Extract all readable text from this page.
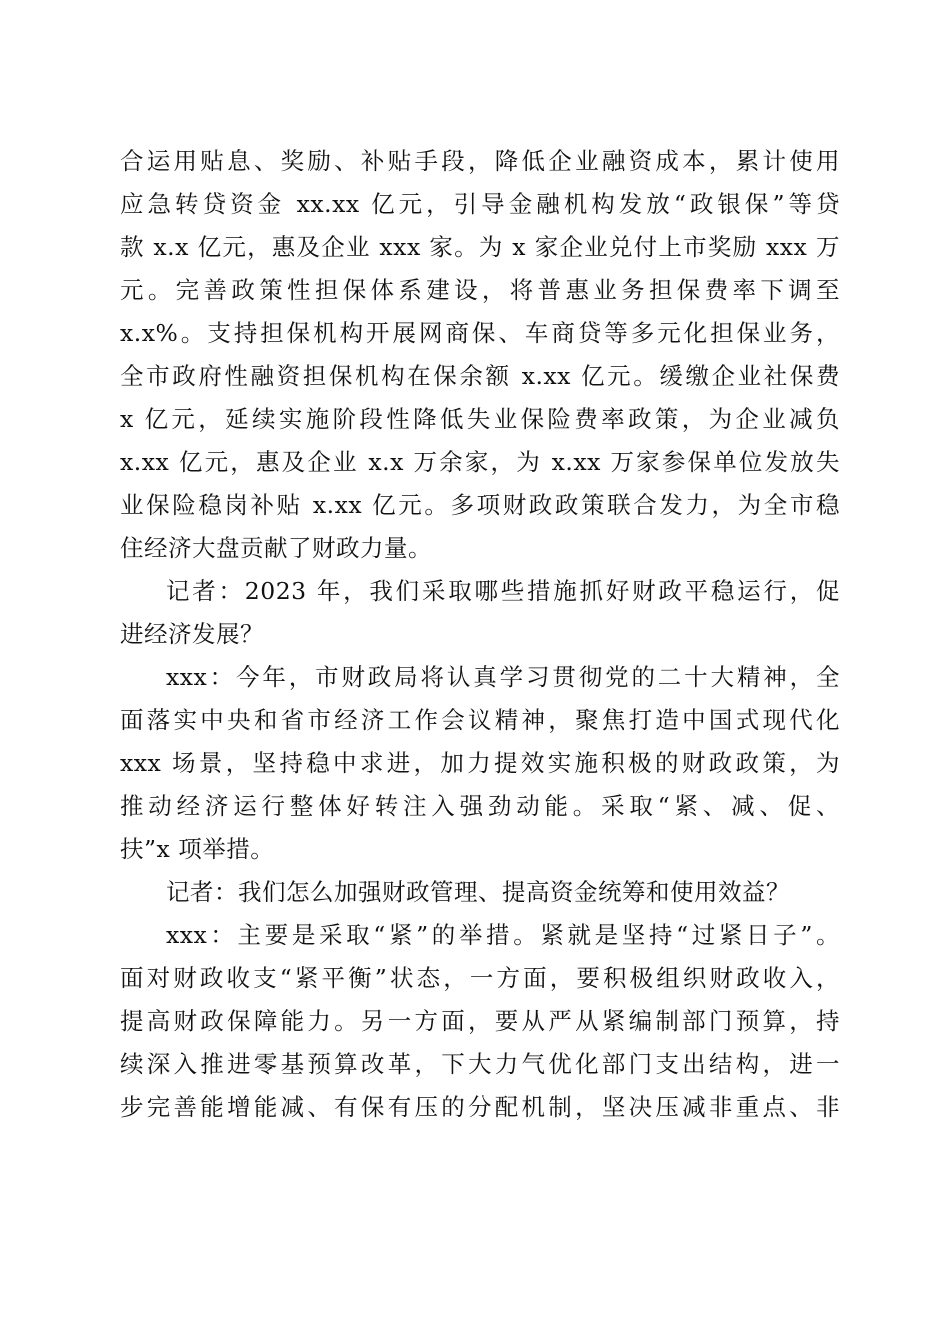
合运用贴息、奖励、补贴手段，降低企业融资成本，累计使用
应急转贷资金 xx.xx 亿元，引导金融机构发放“政银保”等贷
款 x.x 亿元，惠及企业 xxx 家。为 x 家企业兑付上市奖励 xxx 万
元。完善政策性担保体系建设，将普惠业务担保费率下调至
x.x%。支持担保机构开展网商保、车商贷等多元化担保业务，
全市政府性融资担保机构在保余额 x.xx 亿元。缓缴企业社保费
x 亿元，延续实施阶段性降低失业保险费率政策，为企业减负
x.xx 亿元，惠及企业 x.x 万余家，为 x.xx 万家参保单位发放失
业保险稳岗补贴 x.xx 亿元。多项财政政策联合发力，为全市稳
住经济大盘贡献了财政力量。
记者：2023 年，我们采取哪些措施抓好财政平稳运行，促
进经济发展？
xxx：今年，市财政局将认真学习贯彻党的二十大精神，全
面落实中央和省市经济工作会议精神，聚焦打造中国式现代化
xxx 场景，坚持稳中求进，加力提效实施积极的财政政策，为
推动经济运行整体好转注入强劲动能。采取“紧、减、促、
扶”x 项举措。
记者：我们怎么加强财政管理、提高资金统筹和使用效益？
xxx：主要是采取“紧”的举措。紧就是坚持“过紧日子”。
面对财政收支“紧平衡”状态，一方面，要积极组织财政收入，
提高财政保障能力。另一方面，要从严从紧编制部门预算，持
续深入推进零基预算改革，下大力气优化部门支出结构，进一
步完善能增能减、有保有压的分配机制，坚决压减非重点、非
